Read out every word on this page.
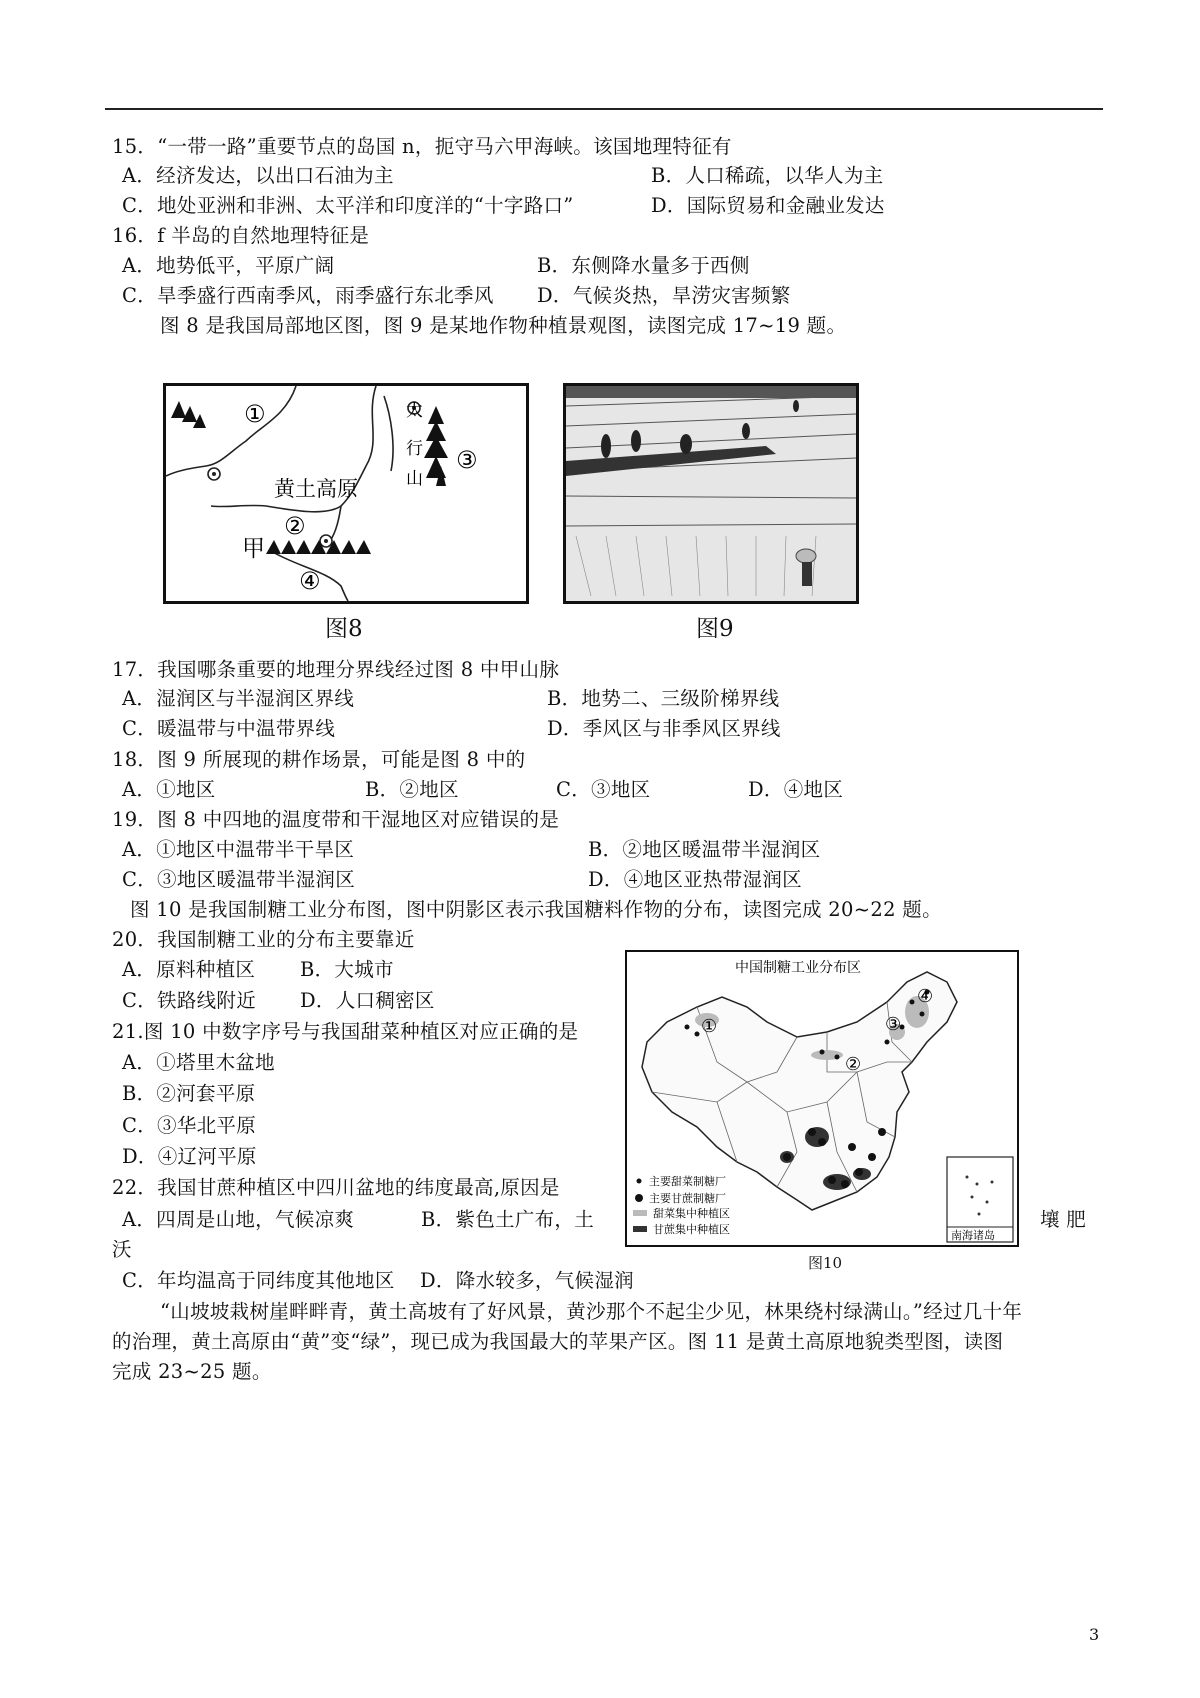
15．“一带一路”重要节点的岛国 n，扼守马六甲海峡。该国地理特征有
A．经济发达，以出口石油为主	B．人口稀疏，以华人为主
C．地处亚洲和非洲、太平洋和印度洋的“十字路口”	D．国际贸易和金融业发达
16．f 半岛的自然地理特征是
A．地势低平，平原广阔	B．东侧降水量多于西侧
C．旱季盛行西南季风，雨季盛行东北季风 D．气候炎热，旱涝灾害频繁
图 8 是我国局部地区图，图 9 是某地作物种植景观图，读图完成 17~19 题。
①
黄土高原
太
行
山
③
②
甲
④
图8	图9
17．我国哪条重要的地理分界线经过图 8 中甲山脉
A．湿润区与半湿润区界线	B．地势二、三级阶梯界线
C．暖温带与中温带界线	D．季风区与非季风区界线
18．图 9 所展现的耕作场景，可能是图 8 中的
A．①地区	B．②地区	C．③地区	D．④地区
19．图 8 中四地的温度带和干湿地区对应错误的是
A．①地区中温带半干旱区	B．②地区暖温带半湿润区
C．③地区暖温带半湿润区	D．④地区亚热带湿润区
图 10 是我国制糖工业分布图，图中阴影区表示我国糖料作物的分布，读图完成 20~22 题。
20．我国制糖工业的分布主要靠近
A．原料种植区 B．大城市
C．铁路线附近 D．人口稠密区
21.图 10 中数字序号与我国甜菜种植区对应正确的是
A．①塔里木盆地
B．②河套平原
C．③华北平原
D．④辽河平原
22．我国甘蔗种植区中四川盆地的纬度最高,原因是
A．四周是山地，气候凉爽	B．紫色土广布，土	壤 肥
沃
C．年均温高于同纬度其他地区 D．降水较多，气候湿润
中国制糖工业分布区
①
②
③
④
主要甜菜制糖厂
主要甘蔗制糖厂
甜菜集中种植区
甘蔗集中种植区	南海诸岛
图10
“山坡坡栽树崖畔畔青，黄土高坡有了好风景，黄沙那个不起尘少见，林果绕村绿满山。”经过几十年
的治理，黄土高原由“黄”变“绿”，现已成为我国最大的苹果产区。图 11 是黄土高原地貌类型图，读图
完成 23~25 题。
3
